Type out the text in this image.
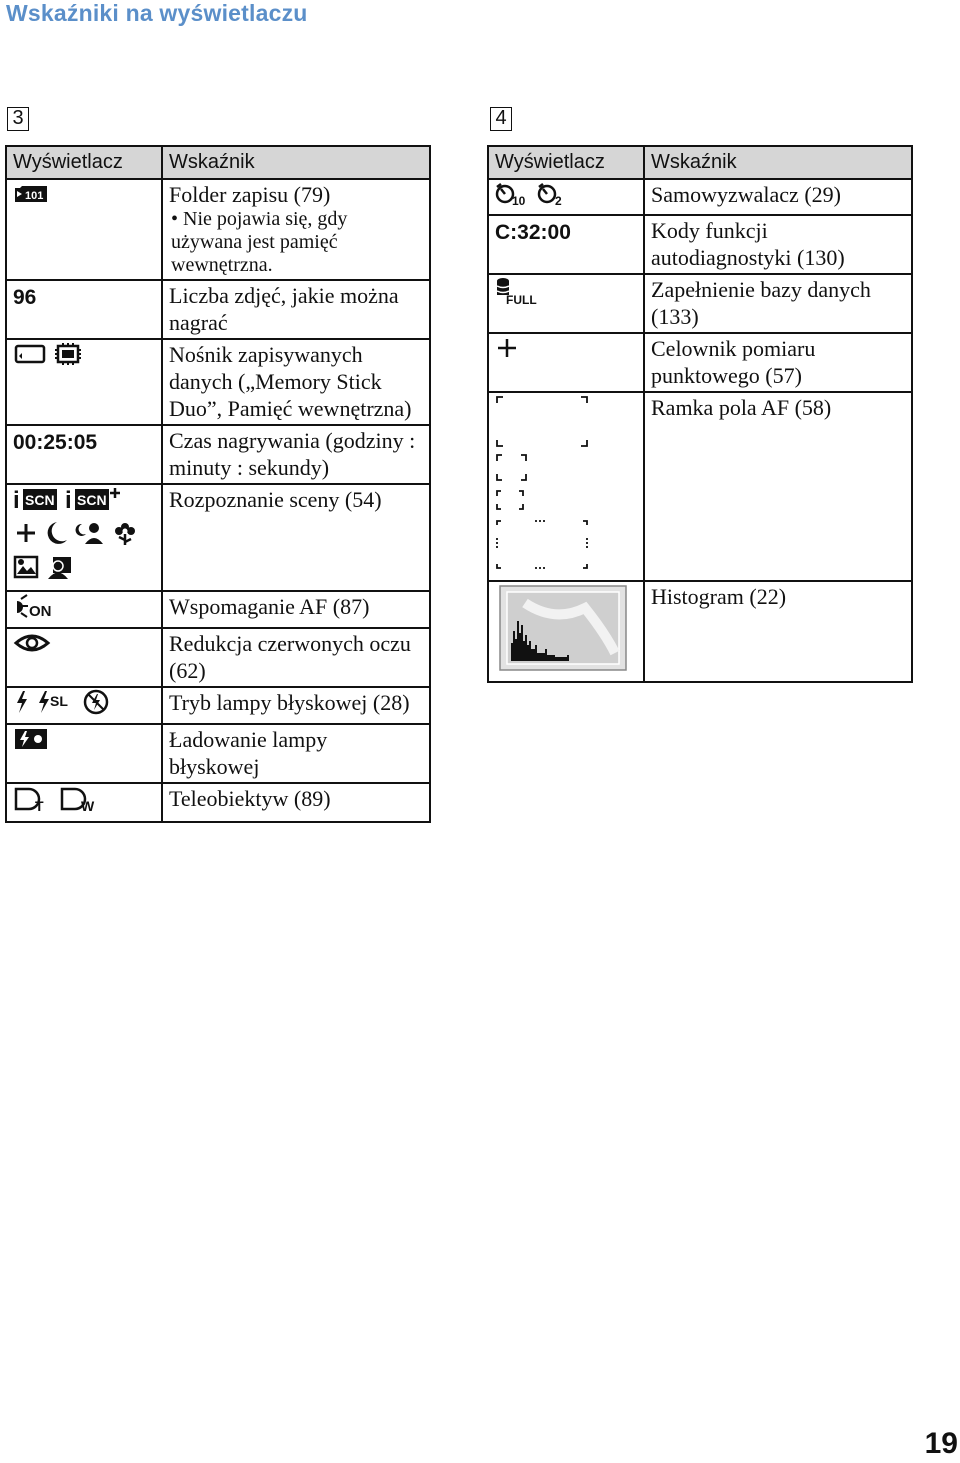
Wskaźniki na wyświetlaczu
3
Wyświetlacz	Wskaźnik

101	Folder zapisu (79)
• Nie pojawia się, gdy używana jest pamięć wewnętrzna.

96	Liczba zdjęć, jakie można nagrać
	Nośnik zapisywanych danych („Memory Stick Duo”, Pamięć wewnętrzna)
00:25:05	Czas nagrywania (godziny : minuty : sekundy)

i SCN
i SCN	Rozpoznanie sceny (54)

ON	Wspomaganie AF (87)
	Redukcja czerwonych oczu (62)

SL	Tryb lampy błyskowej (28)
	Ładowanie lampy błyskowej

T
W	Teleobiektyw (89)
4
Wyświetlacz	Wskaźnik

10
2	Samowyzwalacz (29)
C:32:00	Kody funkcji autodiagnostyki (130)

FULL	Zapełnienie bazy danych (133)
	Celownik pomiaru punktowego (57)
	Ramka pola AF (58)
	Histogram (22)
19
